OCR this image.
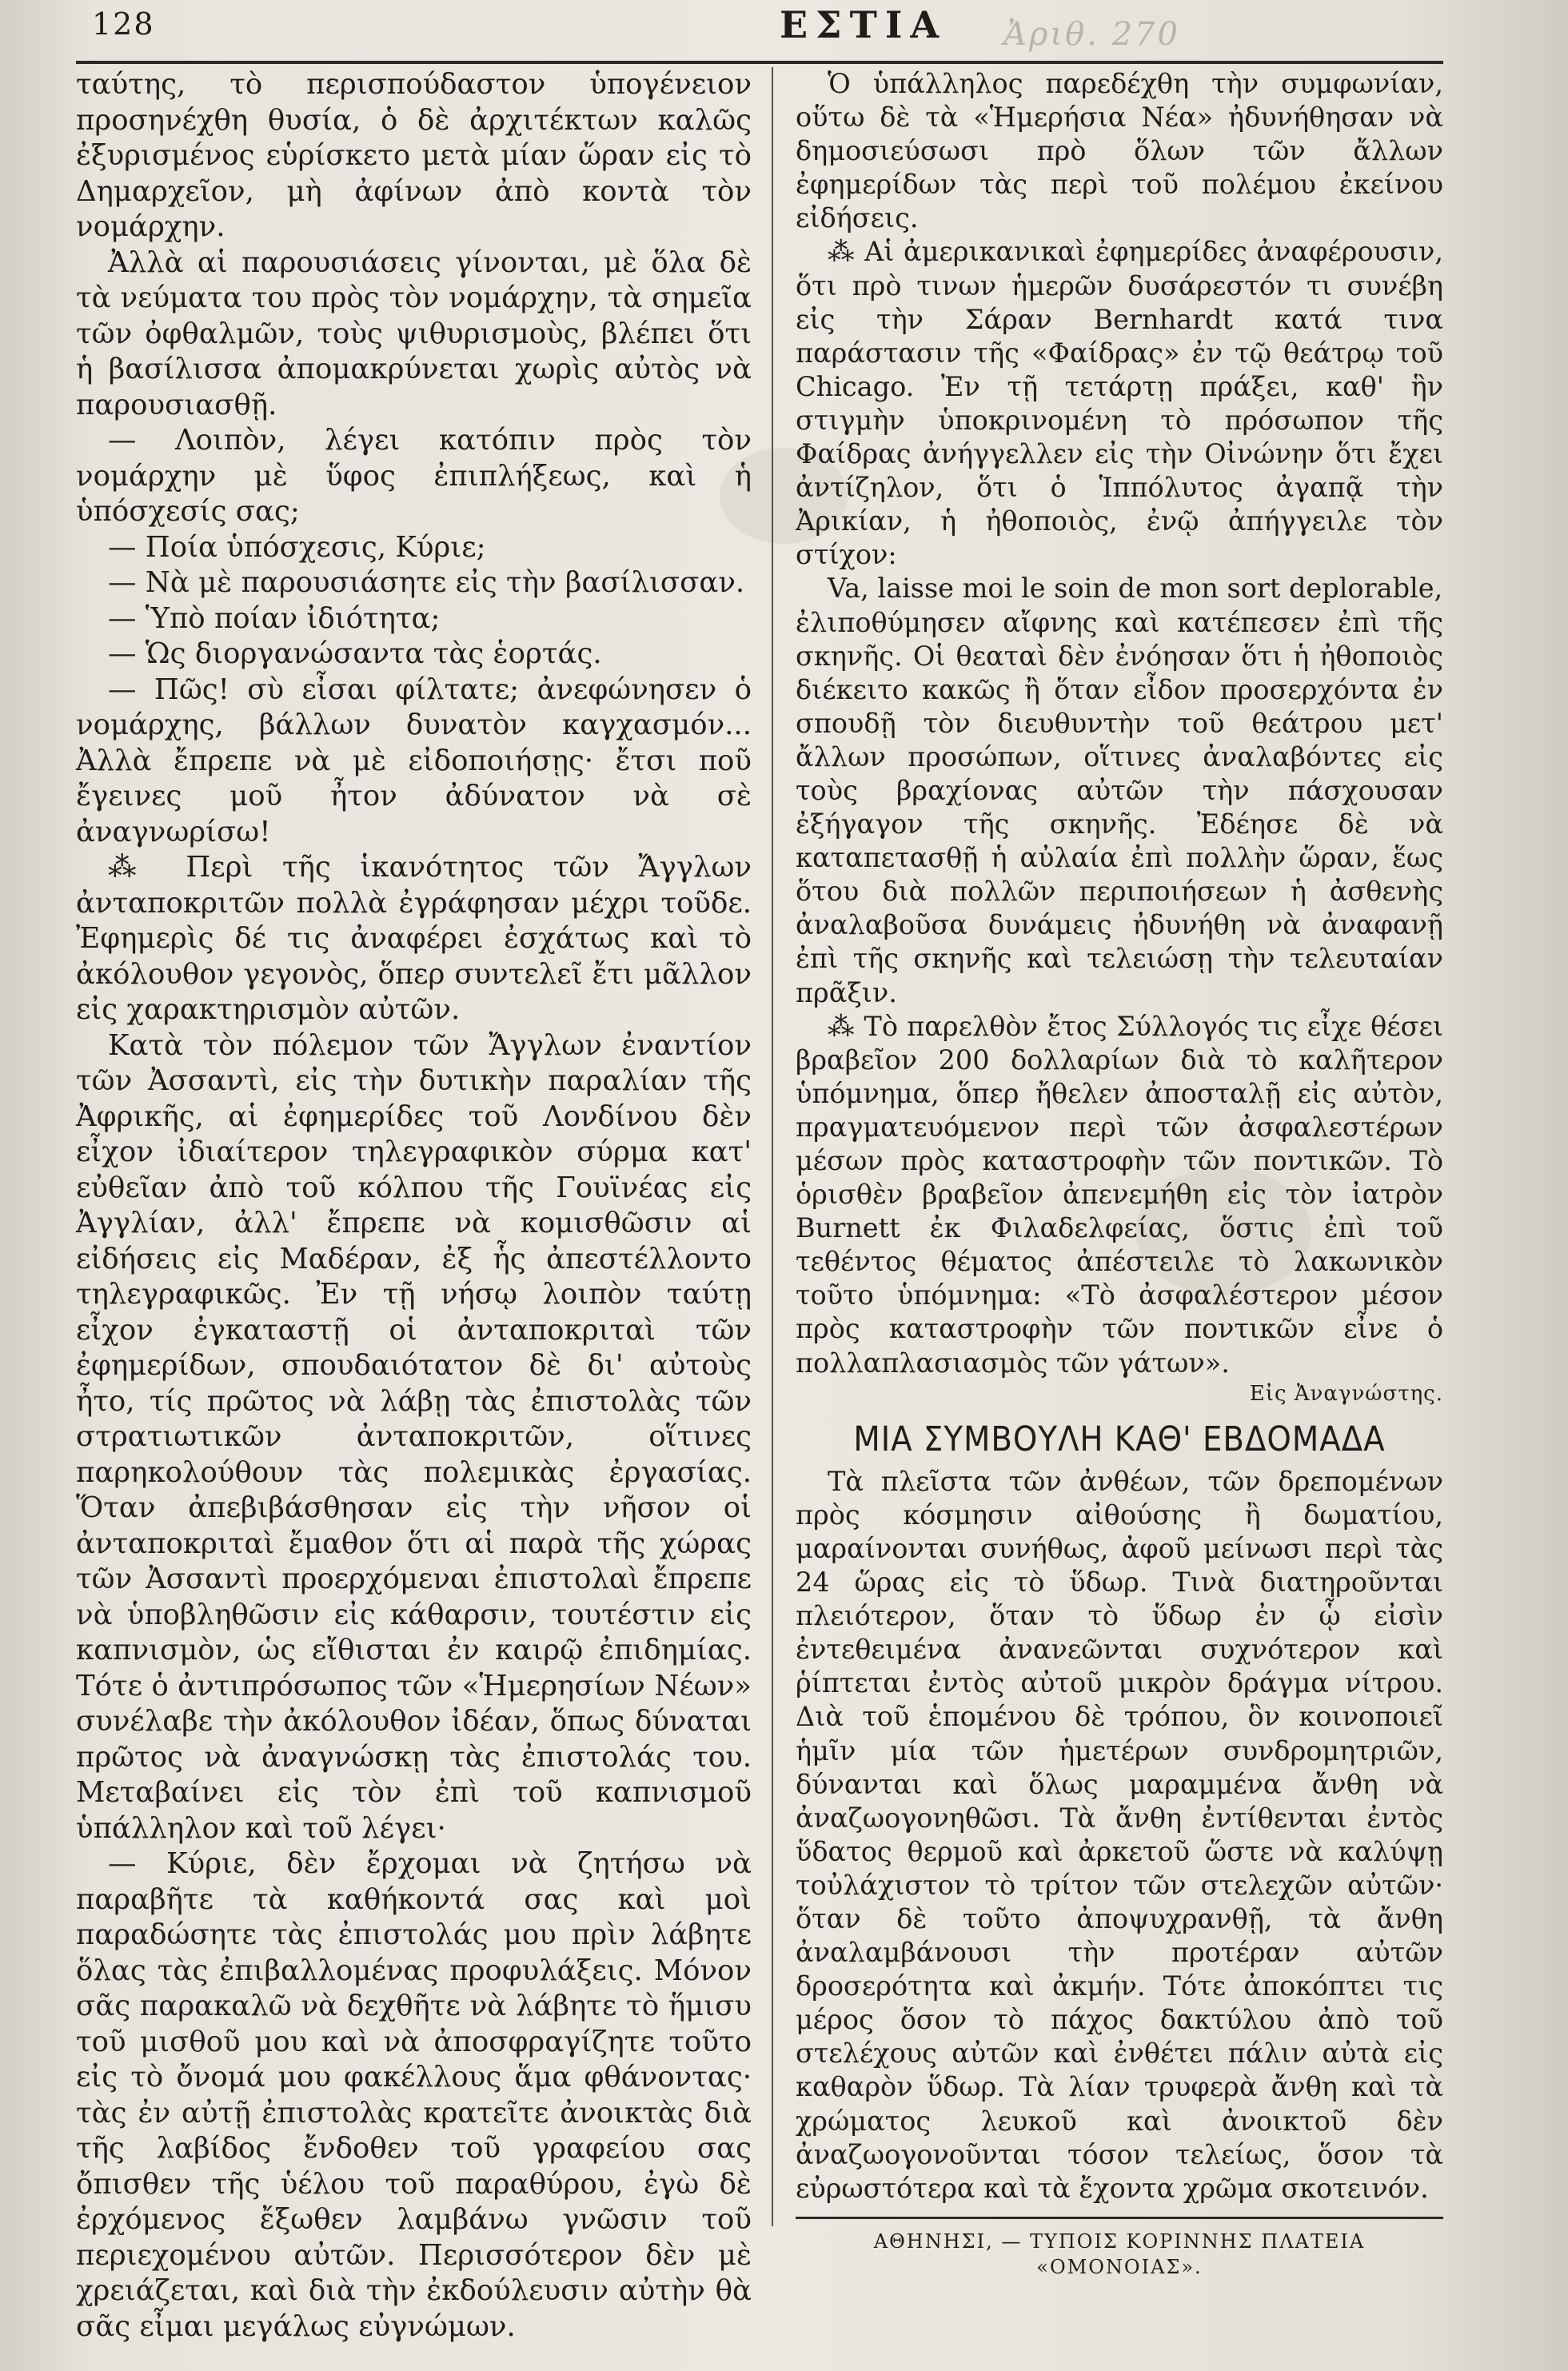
128	ΕΣΤΙΑ Ἀριθ. 270

ταύτης, τὸ περισπούδαστον ὑπογένειον προσηνέχθη θυσία, ὁ δὲ ἀρχιτέκτων καλῶς ἐξυρισμένος εὑρίσκετο μετὰ μίαν ὥραν εἰς τὸ Δημαρχεῖον, μὴ ἀφίνων ἀπὸ κοντὰ τὸν νομάρχην.

Ἀλλὰ αἱ παρουσιάσεις γίνονται, μὲ ὅλα δὲ τὰ νεύματα του πρὸς τὸν νομάρχην, τὰ σημεῖα τῶν ὀφθαλμῶν, τοὺς ψιθυρισμοὺς, βλέπει ὅτι ἡ βασίλισσα ἀπομακρύνεται χωρὶς αὐτὸς νὰ παρουσιασθῇ.

— Λοιπὸν, λέγει κατόπιν πρὸς τὸν νομάρχην μὲ ὕφος ἐπιπλήξεως, καὶ ἡ ὑπόσχεσίς σας;

— Ποία ὑπόσχεσις, Κύριε;

— Νὰ μὲ παρουσιάσητε εἰς τὴν βασίλισσαν.

— Ὑπὸ ποίαν ἰδιότητα;

— Ὡς διοργανώσαντα τὰς ἑορτάς.

— Πῶς! σὺ εἶσαι φίλτατε; ἀνεφώνησεν ὁ νομάρχης, βάλλων δυνατὸν καγχασμόν... Ἀλλὰ ἔπρεπε νὰ μὲ εἰδοποιήσῃς· ἔτσι ποῦ ἔγεινες μοῦ ἦτον ἀδύνατον νὰ σὲ ἀναγνωρίσω!

⁂ Περὶ τῆς ἱκανότητος τῶν Ἄγγλων ἀνταποκριτῶν πολλὰ ἐγράφησαν μέχρι τοῦδε. Ἐφημερὶς δέ τις ἀναφέρει ἐσχάτως καὶ τὸ ἀκόλουθον γεγονὸς, ὅπερ συντελεῖ ἔτι μᾶλλον εἰς χαρακτηρισμὸν αὐτῶν.

Κατὰ τὸν πόλεμον τῶν Ἄγγλων ἐναντίον τῶν Ἀσσαντὶ, εἰς τὴν δυτικὴν παραλίαν τῆς Ἀφρικῆς, αἱ ἐφημερίδες τοῦ Λονδίνου δὲν εἶχον ἰδιαίτερον τηλεγραφικὸν σύρμα κατ' εὐθεῖαν ἀπὸ τοῦ κόλπου τῆς Γουϊνέας εἰς Ἀγγλίαν, ἀλλ' ἔπρεπε νὰ κομισθῶσιν αἱ εἰδήσεις εἰς Μαδέραν, ἐξ ἧς ἀπεστέλλοντο τηλεγραφικῶς. Ἐν τῇ νήσῳ λοιπὸν ταύτῃ εἶχον ἐγκαταστῇ οἱ ἀνταποκριταὶ τῶν ἐφημερίδων, σπουδαιότατον δὲ δι' αὐτοὺς ἦτο, τίς πρῶτος νὰ λάβῃ τὰς ἐπιστολὰς τῶν στρατιωτικῶν ἀνταποκριτῶν, οἵτινες παρηκολούθουν τὰς πολεμικὰς ἐργασίας. Ὅταν ἀπεβιβάσθησαν εἰς τὴν νῆσον οἱ ἀνταποκριταὶ ἔμαθον ὅτι αἱ παρὰ τῆς χώρας τῶν Ἀσσαντὶ προερχόμεναι ἐπιστολαὶ ἔπρεπε νὰ ὑποβληθῶσιν εἰς κάθαρσιν, τουτέστιν εἰς καπνισμὸν, ὡς εἴθισται ἐν καιρῷ ἐπιδημίας. Τότε ὁ ἀντιπρόσωπος τῶν «Ἡμερησίων Νέων» συνέλαβε τὴν ἀκόλουθον ἰδέαν, ὅπως δύναται πρῶτος νὰ ἀναγνώσκῃ τὰς ἐπιστολάς του. Μεταβαίνει εἰς τὸν ἐπὶ τοῦ καπνισμοῦ ὑπάλληλον καὶ τοῦ λέγει·

— Κύριε, δὲν ἔρχομαι νὰ ζητήσω νὰ παραβῆτε τὰ καθήκοντά σας καὶ μοὶ παραδώσητε τὰς ἐπιστολάς μου πρὶν λάβητε ὅλας τὰς ἐπιβαλλομένας προφυλάξεις. Μόνον σᾶς παρακαλῶ νὰ δεχθῆτε νὰ λάβητε τὸ ἥμισυ τοῦ μισθοῦ μου καὶ νὰ ἀποσφραγίζητε τοῦτο εἰς τὸ ὄνομά μου φακέλλους ἅμα φθάνοντας· τὰς ἐν αὐτῇ ἐπιστολὰς κρατεῖτε ἀνοικτὰς διὰ τῆς λαβίδος ἔνδοθεν τοῦ γραφείου σας ὄπισθεν τῆς ὑέλου τοῦ παραθύρου, ἐγὼ δὲ ἐρχόμενος ἔξωθεν λαμβάνω γνῶσιν τοῦ περιεχομένου αὐτῶν. Περισσότερον δὲν μὲ χρειάζεται, καὶ διὰ τὴν ἐκδούλευσιν αὐτὴν θὰ σᾶς εἶμαι μεγάλως εὐγνώμων.

Ὁ ὑπάλληλος παρεδέχθη τὴν συμφωνίαν, οὕτω δὲ τὰ «Ἡμερήσια Νέα» ἠδυνήθησαν νὰ δημοσιεύσωσι πρὸ ὅλων τῶν ἄλλων ἐφημερίδων τὰς περὶ τοῦ πολέμου ἐκείνου εἰδήσεις.

⁂ Αἱ ἀμερικανικαὶ ἐφημερίδες ἀναφέρουσιν, ὅτι πρὸ τινων ἡμερῶν δυσάρεστόν τι συνέβη εἰς τὴν Σάραν Bernhardt κατά τινα παράστασιν τῆς «Φαίδρας» ἐν τῷ θεάτρῳ τοῦ Chicago. Ἐν τῇ τετάρτῃ πράξει, καθ' ἣν στιγμὴν ὑποκρινομένη τὸ πρόσωπον τῆς Φαίδρας ἀνήγγελλεν εἰς τὴν Οἰνώνην ὅτι ἔχει ἀντίζηλον, ὅτι ὁ Ἱππόλυτος ἀγαπᾷ τὴν Ἀρικίαν, ἡ ἠθοποιὸς, ἐνῷ ἀπήγγειλε τὸν στίχον:

Va, laisse moi le soin de mon sort deplorable,

ἐλιποθύμησεν αἴφνης καὶ κατέπεσεν ἐπὶ τῆς σκηνῆς. Οἱ θεαταὶ δὲν ἐνόησαν ὅτι ἡ ἠθοποιὸς διέκειτο κακῶς ἢ ὅταν εἶδον προσερχόντα ἐν σπουδῇ τὸν διευθυντὴν τοῦ θεάτρου μετ' ἄλλων προσώπων, οἵτινες ἀναλαβόντες εἰς τοὺς βραχίονας αὐτῶν τὴν πάσχουσαν ἐξήγαγον τῆς σκηνῆς. Ἐδέησε δὲ νὰ καταπετασθῇ ἡ αὐλαία ἐπὶ πολλὴν ὥραν, ἕως ὅτου διὰ πολλῶν περιποιήσεων ἡ ἀσθενὴς ἀναλαβοῦσα δυνάμεις ἠδυνήθη νὰ ἀναφανῇ ἐπὶ τῆς σκηνῆς καὶ τελειώσῃ τὴν τελευταίαν πρᾶξιν.

⁂ Τὸ παρελθὸν ἔτος Σύλλογός τις εἶχε θέσει βραβεῖον 200 δολλαρίων διὰ τὸ καλῆτερον ὑπόμνημα, ὅπερ ἤθελεν ἀποσταλῇ εἰς αὐτὸν, πραγματευόμενον περὶ τῶν ἀσφαλεστέρων μέσων πρὸς καταστροφὴν τῶν ποντικῶν. Τὸ ὁρισθὲν βραβεῖον ἀπενεμήθη εἰς τὸν ἰατρὸν Burnett ἐκ Φιλαδελφείας, ὅστις ἐπὶ τοῦ τεθέντος θέματος ἀπέστειλε τὸ λακωνικὸν τοῦτο ὑπόμνημα: «Τὸ ἀσφαλέστερον μέσον πρὸς καταστροφὴν τῶν ποντικῶν εἶνε ὁ πολλαπλασιασμὸς τῶν γάτων».

Εἰς Ἀναγνώστης.
ΜΙΑ ΣΥΜΒΟΥΛΗ ΚΑΘ' ΕΒΔΟΜΑΔΑ

Τὰ πλεῖστα τῶν ἀνθέων, τῶν δρεπομένων πρὸς κόσμησιν αἰθούσης ἢ δωματίου, μαραίνονται συνήθως, ἀφοῦ μείνωσι περὶ τὰς 24 ὥρας εἰς τὸ ὕδωρ. Τινὰ διατηροῦνται πλειότερον, ὅταν τὸ ὕδωρ ἐν ᾧ εἰσὶν ἐντεθειμένα ἀνανεῶνται συχνότερον καὶ ῥίπτεται ἐντὸς αὐτοῦ μικρὸν δράγμα νίτρου. Διὰ τοῦ ἑπομένου δὲ τρόπου, ὃν κοινοποιεῖ ἡμῖν μία τῶν ἡμετέρων συνδρομητριῶν, δύνανται καὶ ὅλως μαραμμένα ἄνθη νὰ ἀναζωογονηθῶσι. Τὰ ἄνθη ἐντίθενται ἐντὸς ὕδατος θερμοῦ καὶ ἀρκετοῦ ὥστε νὰ καλύψῃ τοὐλάχιστον τὸ τρίτον τῶν στελεχῶν αὐτῶν· ὅταν δὲ τοῦτο ἀποψυχρανθῇ, τὰ ἄνθη ἀναλαμβάνουσι τὴν προτέραν αὐτῶν δροσερότητα καὶ ἀκμήν. Τότε ἀποκόπτει τις μέρος ὅσον τὸ πάχος δακτύλου ἀπὸ τοῦ στελέχους αὐτῶν καὶ ἐνθέτει πάλιν αὐτὰ εἰς καθαρὸν ὕδωρ. Τὰ λίαν τρυφερὰ ἄνθη καὶ τὰ χρώματος λευκοῦ καὶ ἀνοικτοῦ δὲν ἀναζωογονοῦνται τόσον τελείως, ὅσον τὰ εὐρωστότερα καὶ τὰ ἔχοντα χρῶμα σκοτεινόν.

ΑΘΗΝΗΣΙ, — ΤΥΠΟΙΣ ΚΟΡΙΝΝΗΣ ΠΛΑΤΕΙΑ «ΟΜΟΝΟΙΑΣ».
